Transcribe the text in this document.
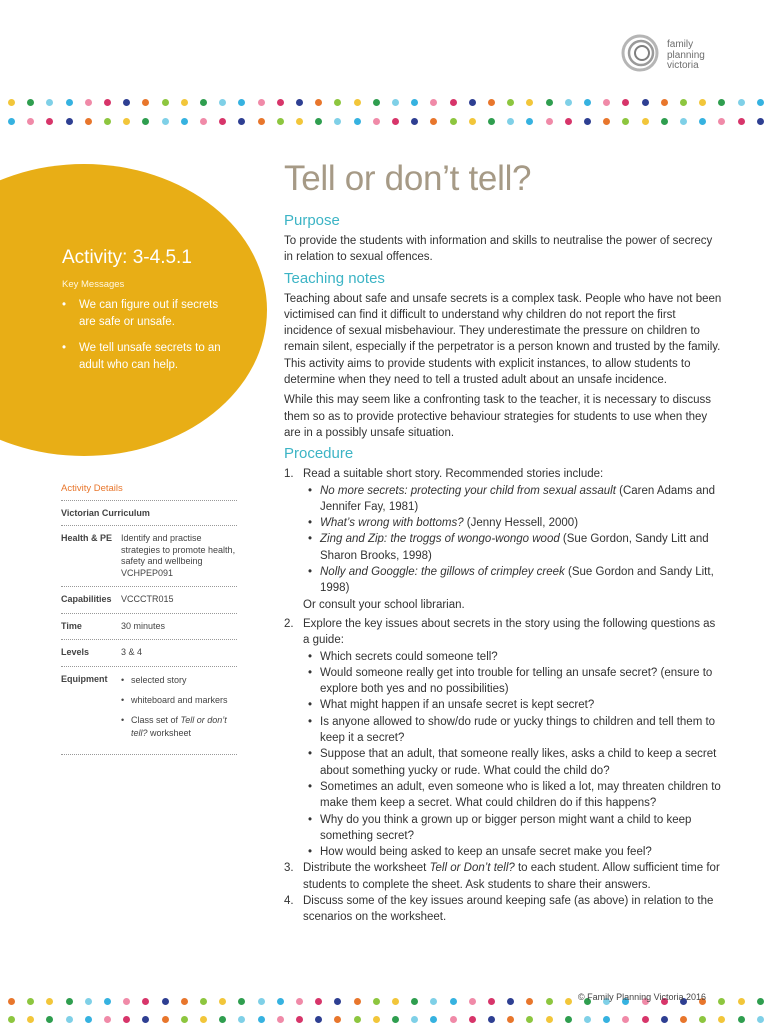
family
planning
victoria
Activity: 3-4.5.1
Key Messages
• We can figure out if secrets are safe or unsafe.
• We tell unsafe secrets to an adult who can help.
Activity Details
Victorian Curriculum
Health & PE Identify and practise strategies to promote health, safety and wellbeing VCHPEP091
Capabilities	VCCCTR015
Time	30 minutes
Levels	3 & 4
Equipment
•	selected story
• whiteboard and markers
• Class set of Tell or don’t tell? worksheet
Tell or don’t tell?
Purpose

To provide the students with information and skills to neutralise the power of secrecy in relation to sexual offences.

Teaching notes

Teaching about safe and unsafe secrets is a complex task. People who have not been victimised can find it difficult to understand why children do not report the first incidence of sexual misbehaviour. They underestimate the pressure on children to remain silent, especially if the perpetrator is a person known and trusted by the family. This activity aims to provide students with explicit instances, to allow students to determine when they need to tell a trusted adult about an unsafe incidence.

While this may seem like a confronting task to the teacher, it is necessary to discuss them so as to provide protective behaviour strategies for students to use when they are in a possibly unsafe situation.

Procedure
1. Read a suitable short story. Recommended stories include:
• No more secrets: protecting your child from sexual assault (Caren Adams and Jennifer Fay, 1981)
• What’s wrong with bottoms? (Jenny Hessell, 2000)
• Zing and Zip: the troggs of wongo-wongo wood (Sue Gordon, Sandy Litt and Sharon Brooks, 1998)
• Nolly and Googgle: the gillows of crimpley creek (Sue Gordon and Sandy Litt, 1998)
Or consult your school librarian.
2. Explore the key issues about secrets in the story using the following questions as a guide:
• Which secrets could someone tell?
• Would someone really get into trouble for telling an unsafe secret? (ensure to explore both yes and no possibilities)
• What might happen if an unsafe secret is kept secret?
• Is anyone allowed to show/do rude or yucky things to children and tell them to keep it a secret?
• Suppose that an adult, that someone really likes, asks a child to keep a secret about something yucky or rude. What could the child do?
• Sometimes an adult, even someone who is liked a lot, may threaten children to make them keep a secret. What could children do if this happens?
• Why do you think a grown up or bigger person might want a child to keep something secret?
• How would being asked to keep an unsafe secret make you feel?
3. Distribute the worksheet Tell or Don’t tell? to each student. Allow sufficient time for students to complete the sheet. Ask students to share their answers.
4. Discuss some of the key issues around keeping safe (as above) in relation to the scenarios on the worksheet.
© Family Planning Victoria 2016
